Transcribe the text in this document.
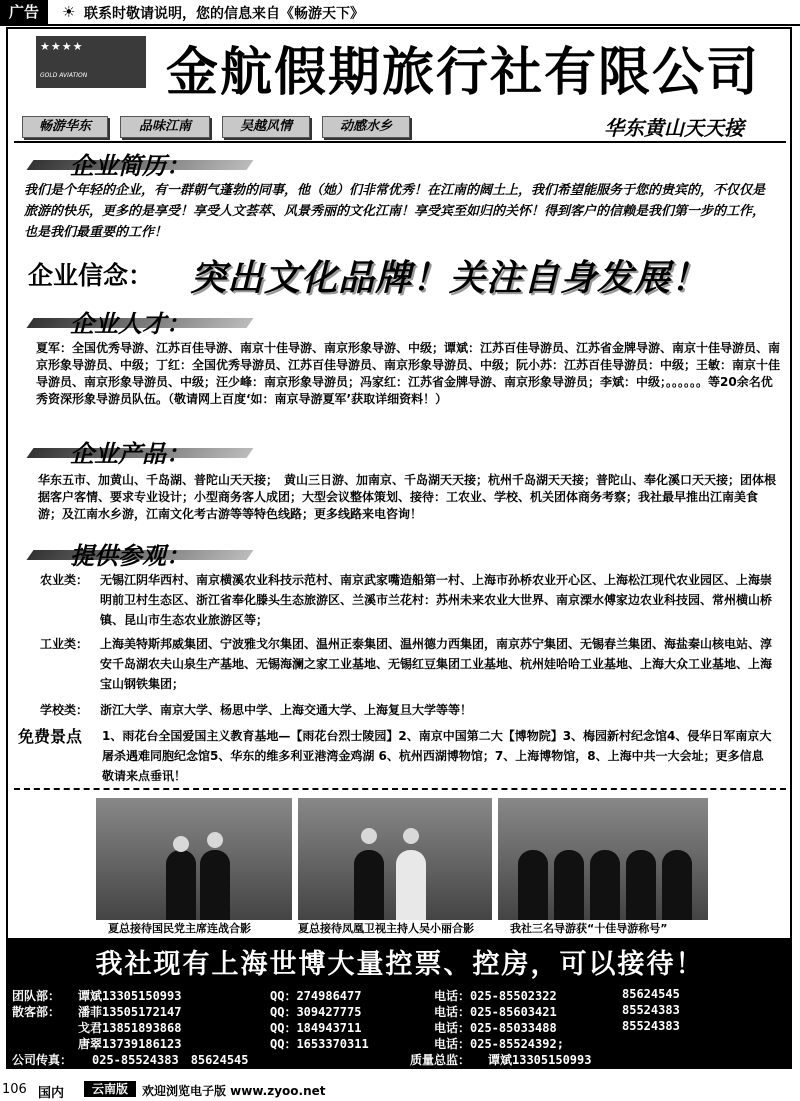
广告	☀ 联系时敬请说明，您的信息来自《畅游天下》
★★★★
GOLD AVIATION 金航假期旅行社有限公司
畅游华东	品味江南	吴越风情	动感水乡	华东黄山天天接
企业简历：
我们是个年轻的企业，有一群朝气蓬勃的同事，他（她）们非常优秀！在江南的阔土上，我们希望能服务于您的贵宾的，不仅仅是旅游的快乐，更多的是享受！享受人文荟萃、风景秀丽的文化江南！享受宾至如归的关怀！得到客户的信赖是我们第一步的工作，也是我们最重要的工作！
企业信念： 突出文化品牌！关注自身发展！
企业人才：
夏军：全国优秀导游、江苏百佳导游、南京十佳导游、南京形象导游、中级；谭斌：江苏百佳导游员、江苏省金牌导游、南京十佳导游员、南京形象导游员、中级；丁红：全国优秀导游员、江苏百佳导游员、南京形象导游员、中级；阮小苏：江苏百佳导游员：中级；王敏：南京十佳导游员、南京形象导游员、中级；汪少峰：南京形象导游员；冯家红：江苏省金牌导游、南京形象导游员；李斌：中级；。。。。。。等20余名优秀资深形象导游员队伍。（敬请网上百度‘如：南京导游夏军’获取详细资料！）
企业产品：
华东五市、加黄山、千岛湖、普陀山天天接；　黄山三日游、加南京、千岛湖天天接；杭州千岛湖天天接；普陀山、奉化溪口天天接；团体根据客户客情、要求专业设计；小型商务客人成团；大型会议整体策划、接待：工农业、学校、机关团体商务考察；我社最早推出江南美食游；及江南水乡游，江南文化考古游等等特色线路；更多线路来电咨询！
提供参观：
农业类： 无锡江阴华西村、南京横溪农业科技示范村、南京武家嘴造船第一村、上海市孙桥农业开心区、上海松江现代农业园区、上海崇明前卫村生态区、浙江省奉化滕头生态旅游区、兰溪市兰花村：苏州未来农业大世界、南京溧水傅家边农业科技园、常州横山桥镇、昆山市生态农业旅游区等；
工业类： 上海美特斯邦威集团、宁波雅戈尔集团、温州正泰集团、温州德力西集团，南京苏宁集团、无锡春兰集团、海盐秦山核电站、淳安千岛湖农夫山泉生产基地、无锡海澜之家工业基地、无锡红豆集团工业基地、杭州娃哈哈工业基地、上海大众工业基地、上海宝山钢铁集团；
学校类： 浙江大学、南京大学、杨思中学、上海交通大学、上海复旦大学等等！
免费景点 1、雨花台全国爱国主义教育基地—【雨花台烈士陵园】2、南京中国第二大【博物院】3、梅园新村纪念馆4、侵华日军南京大屠杀遇难同胞纪念馆5、华东的维多利亚港湾金鸡湖 6、杭州西湖博物馆；7、上海博物馆，8、上海中共一大会址；更多信息敬请来点垂讯！
夏总接待国民党主席连战合影	夏总接待凤凰卫视主持人吴小丽合影	我社三名导游获“十佳导游称号”
我社现有上海世博大量控票、控房，可以接待！
团队部： 谭斌13305150993	QQ：274986477	电话：025-85502322	85624545
散客部： 潘菲13505172147	QQ：309427775	电话：025-85603421	85524383
戈君13851893868	QQ：184943711	电话：025-85033488	85524383
唐翠13739186123	QQ：1653370311	电话：025-85524392;
公司传真： 025-85524383　85624545	质量总监： 谭斌13305150993
106 国内	云南版	欢迎浏览电子版 www.zyoo.net
